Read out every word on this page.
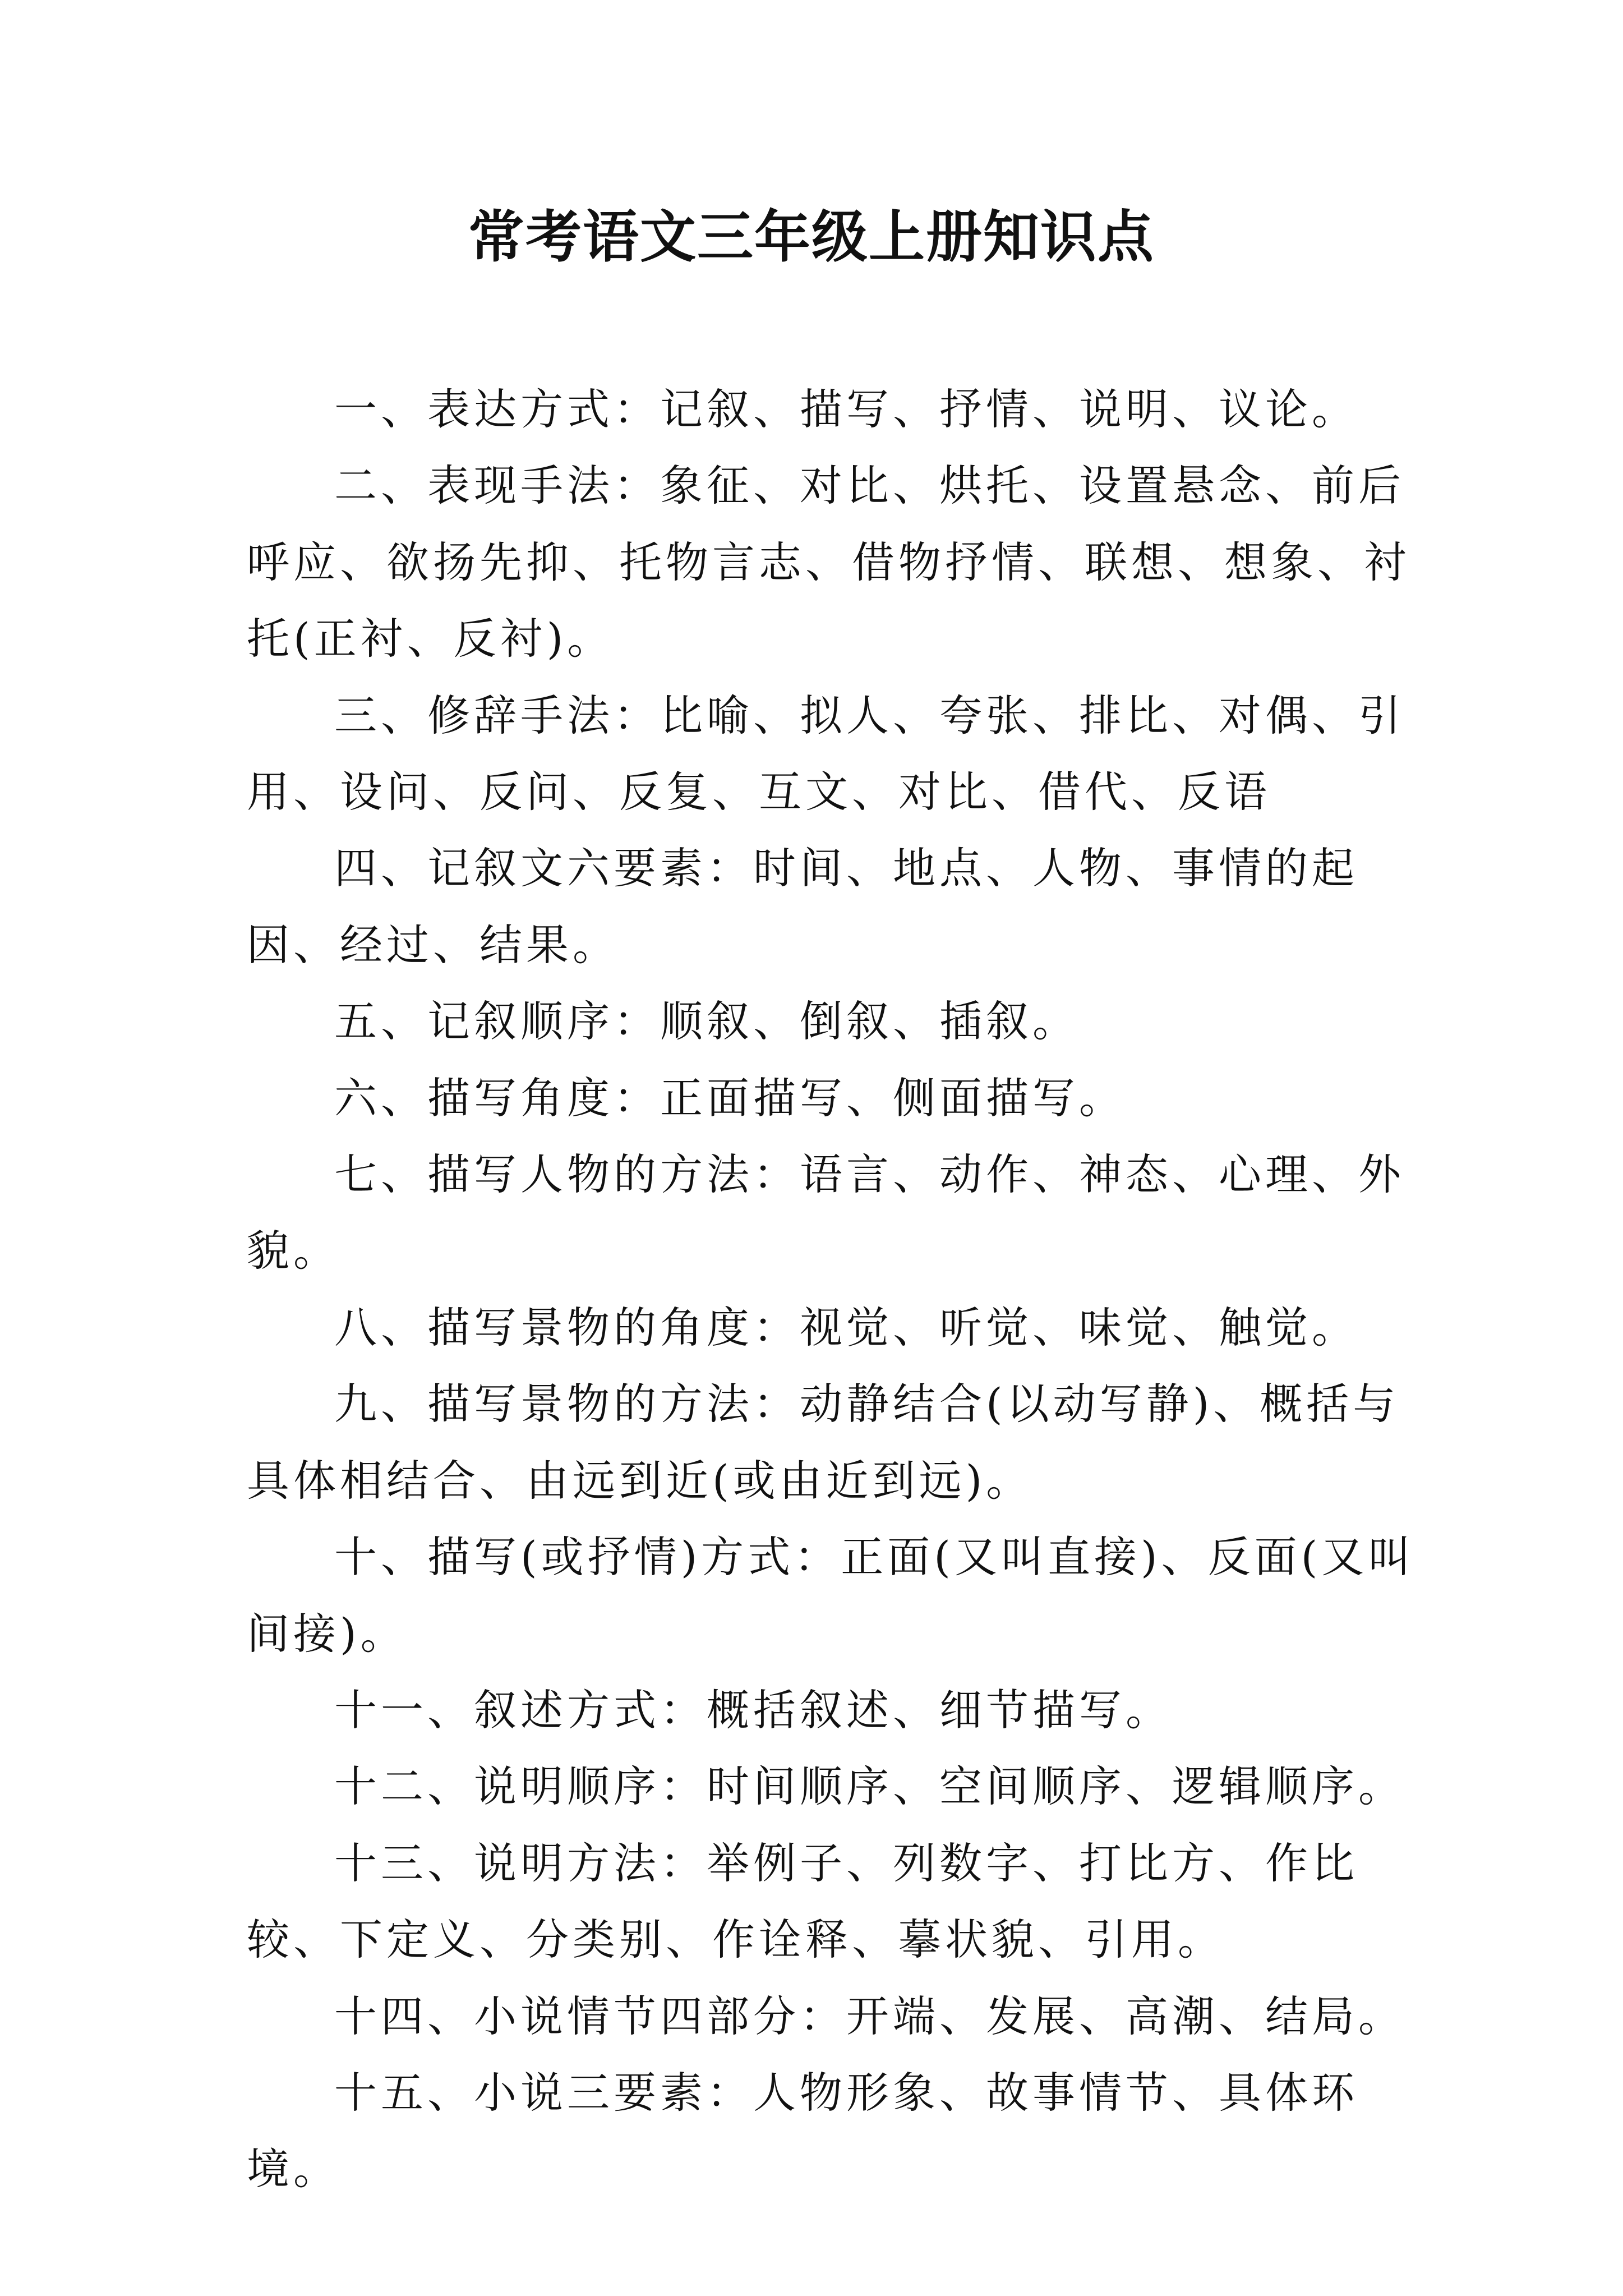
常考语文三年级上册知识点

一、表达方式：记叙、描写、抒情、说明、议论。

二、表现手法：象征、对比、烘托、设置悬念、前后呼应、欲扬先抑、托物言志、借物抒情、联想、想象、衬托(正衬、反衬)。

三、修辞手法：比喻、拟人、夸张、排比、对偶、引用、设问、反问、反复、互文、对比、借代、反语

四、记叙文六要素：时间、地点、人物、事情的起因、经过、结果。

五、记叙顺序：顺叙、倒叙、插叙。

六、描写角度：正面描写、侧面描写。

七、描写人物的方法：语言、动作、神态、心理、外貌。

八、描写景物的角度：视觉、听觉、味觉、触觉。

九、描写景物的方法：动静结合(以动写静)、概括与具体相结合、由远到近(或由近到远)。

十、描写(或抒情)方式：正面(又叫直接)、反面(又叫间接)。

十一、叙述方式：概括叙述、细节描写。

十二、说明顺序：时间顺序、空间顺序、逻辑顺序。

十三、说明方法：举例子、列数字、打比方、作比较、下定义、分类别、作诠释、摹状貌、引用。

十四、小说情节四部分：开端、发展、高潮、结局。

十五、小说三要素：人物形象、故事情节、具体环境。
